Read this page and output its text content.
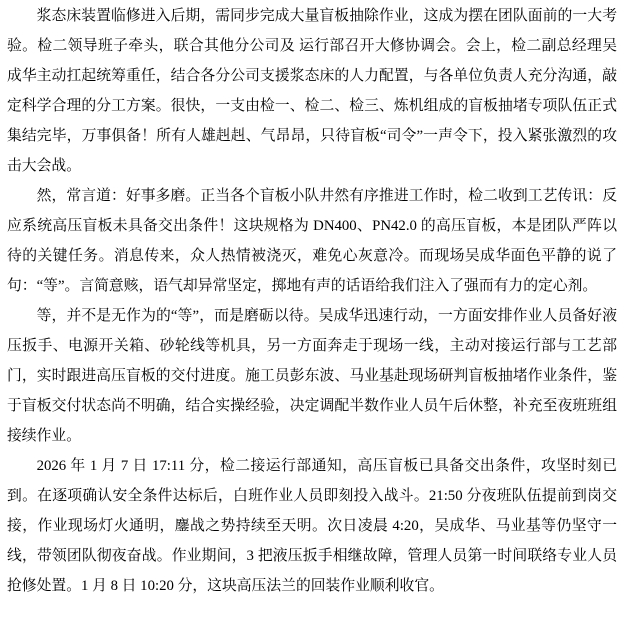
浆态床装置临修进入后期，需同步完成大量盲板抽除作业，这成为摆在团队面前的一大考验。检二领导班子牵头，联合其他分公司及 运行部召开大修协调会。会上，检二副总经理吴成华主动扛起统筹重任，结合各分公司支援浆态床的人力配置，与各单位负责人充分沟通，敲定科学合理的分工方案。很快，一支由检一、检二、检三、炼机组成的盲板抽堵专项队伍正式集结完毕，万事俱备！所有人雄赳赳、气昂昂，只待盲板“司令”一声令下，投入紧张激烈的攻击大会战。

然，常言道：好事多磨。正当各个盲板小队井然有序推进工作时，检二收到工艺传讯：反应系统高压盲板未具备交出条件！这块规格为 DN400、PN42.0 的高压盲板，本是团队严阵以待的关键任务。消息传来，众人热情被浇灭，难免心灰意冷。而现场吴成华面色平静的说了句：“等”。言简意赅，语气却异常坚定，掷地有声的话语给我们注入了强而有力的定心剂。

等，并不是无作为的“等”，而是磨砺以待。吴成华迅速行动，一方面安排作业人员备好液压扳手、电源开关箱、砂轮线等机具，另一方面奔走于现场一线，主动对接运行部与工艺部门，实时跟进高压盲板的交付进度。施工员彭东波、马业基赴现场研判盲板抽堵作业条件，鉴于盲板交付状态尚不明确，结合实操经验，决定调配半数作业人员午后休整，补充至夜班班组接续作业。

2026 年 1 月 7 日 17:11 分，检二接运行部通知，高压盲板已具备交出条件，攻坚时刻已到。在逐项确认安全条件达标后，白班作业人员即刻投入战斗。21:50 分夜班队伍提前到岗交接，作业现场灯火通明，鏖战之势持续至天明。次日凌晨 4:20，吴成华、马业基等仍坚守一线，带领团队彻夜奋战。作业期间，3 把液压扳手相继故障，管理人员第一时间联络专业人员抢修处置。1 月 8 日 10:20 分，这块高压法兰的回装作业顺利收官。
